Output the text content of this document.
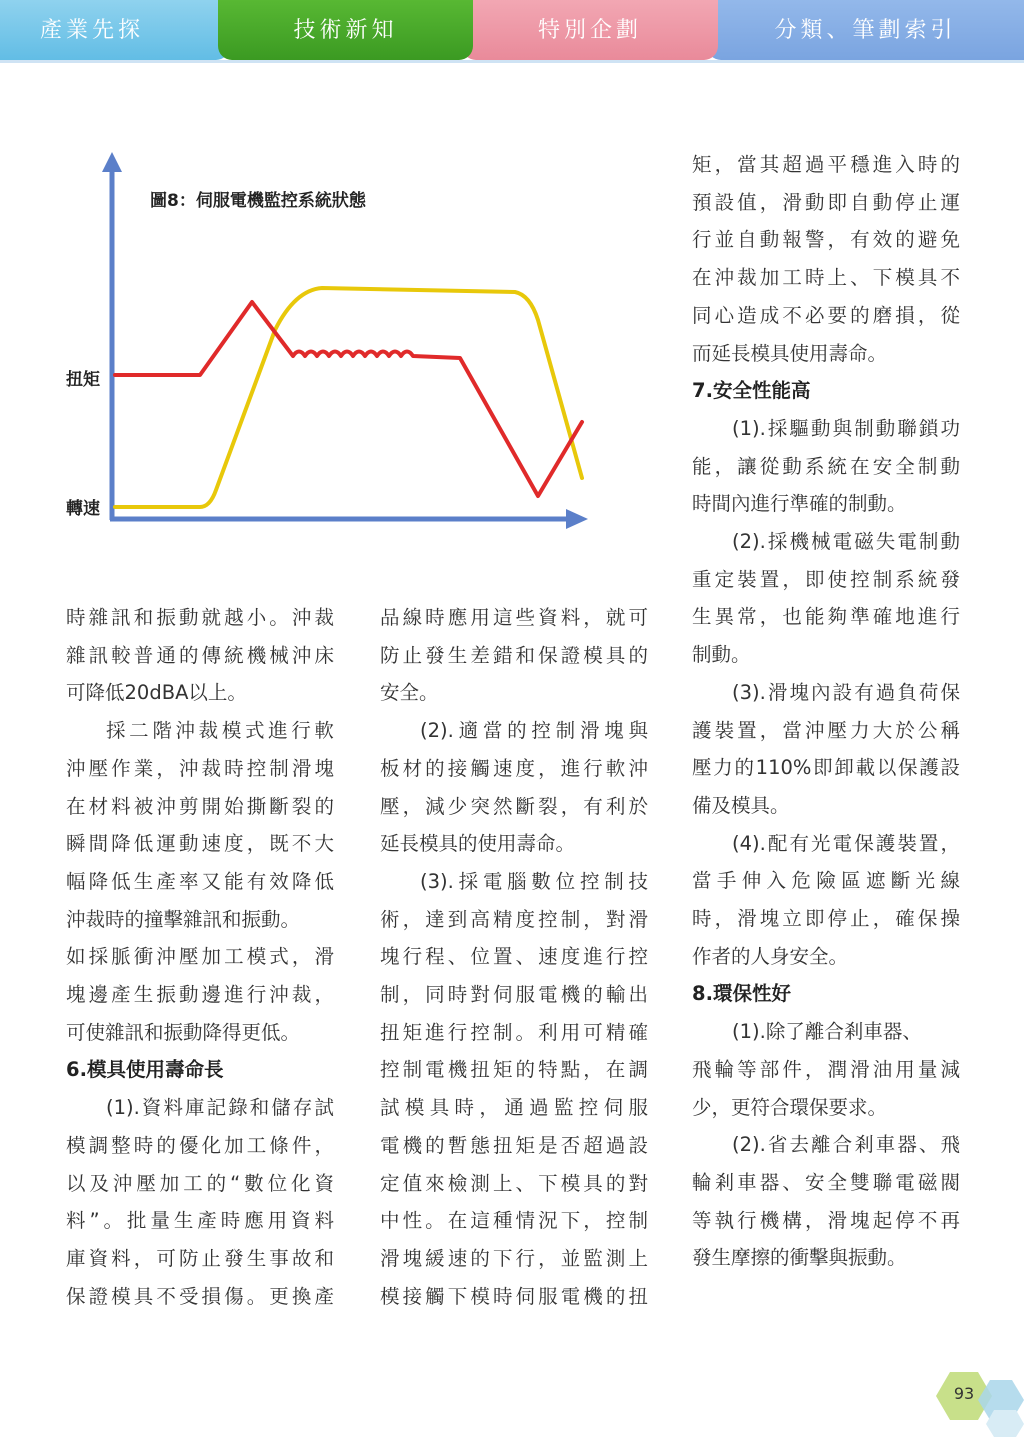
產業先探	技術新知	特別企劃	分類、筆劃索引
圖8：伺服電機監控系統狀態
扭矩
轉速
時雜訊和振動就越小。沖裁
雜訊較普通的傳統機械沖床
可降低20dBA以上。
採二階沖裁模式進行軟
沖壓作業，沖裁時控制滑塊
在材料被沖剪開始撕斷裂的
瞬間降低運動速度，既不大
幅降低生產率又能有效降低
沖裁時的撞擊雜訊和振動。
如採脈衝沖壓加工模式，滑
塊邊產生振動邊進行沖裁，
可使雜訊和振動降得更低。
6.模具使用壽命長
(1).資料庫記錄和儲存試
模調整時的優化加工條件，
以及沖壓加工的“數位化資
料”。批量生產時應用資料
庫資料，可防止發生事故和
保證模具不受損傷。更換產
品線時應用這些資料，就可
防止發生差錯和保證模具的
安全。
(2).適當的控制滑塊與
板材的接觸速度，進行軟沖
壓，減少突然斷裂，有利於
延長模具的使用壽命。
(3).採電腦數位控制技
術，達到高精度控制，對滑
塊行程、位置、速度進行控
制，同時對伺服電機的輸出
扭矩進行控制。利用可精確
控制電機扭矩的特點，在調
試模具時，通過監控伺服
電機的暫態扭矩是否超過設
定值來檢測上、下模具的對
中性。在這種情況下，控制
滑塊緩速的下行，並監測上
模接觸下模時伺服電機的扭
矩，當其超過平穩進入時的
預設值，滑動即自動停止運
行並自動報警，有效的避免
在沖裁加工時上、下模具不
同心造成不必要的磨損，從
而延長模具使用壽命。
7.安全性能高
(1).採驅動與制動聯鎖功
能，讓從動系統在安全制動
時間內進行準確的制動。
(2).採機械電磁失電制動
重定裝置，即使控制系統發
生異常，也能夠準確地進行
制動。
(3).滑塊內設有過負荷保
護裝置，當沖壓力大於公稱
壓力的110%即卸載以保護設
備及模具。
(4).配有光電保護裝置，
當手伸入危險區遮斷光線
時，滑塊立即停止，確保操
作者的人身安全。
8.環保性好
(1).除了離合剎車器、
飛輪等部件，潤滑油用量減
少，更符合環保要求。
(2).省去離合剎車器、飛
輪剎車器、安全雙聯電磁閥
等執行機構，滑塊起停不再
發生摩擦的衝擊與振動。
93
